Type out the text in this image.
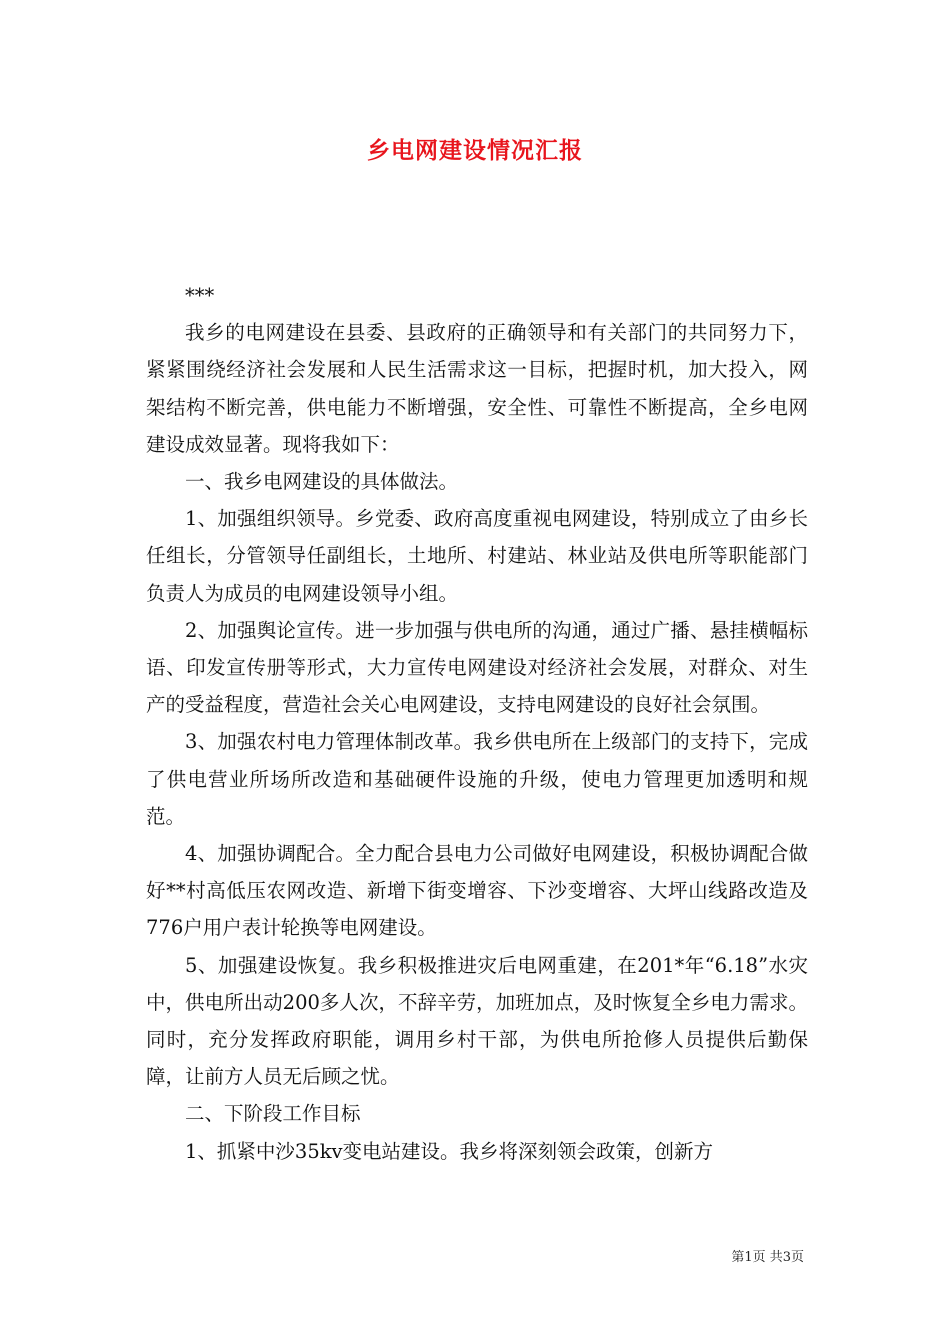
乡电网建设情况汇报

***

我乡的电网建设在县委、县政府的正确领导和有关部门的共同努力下，紧紧围绕经济社会发展和人民生活需求这一目标，把握时机，加大投入，网架结构不断完善，供电能力不断增强，安全性、可靠性不断提高，全乡电网建设成效显著。现将我如下：

一、我乡电网建设的具体做法。

1、加强组织领导。乡党委、政府高度重视电网建设，特别成立了由乡长任组长，分管领导任副组长，土地所、村建站、林业站及供电所等职能部门负责人为成员的电网建设领导小组。

2、加强舆论宣传。进一步加强与供电所的沟通，通过广播、悬挂横幅标语、印发宣传册等形式，大力宣传电网建设对经济社会发展，对群众、对生产的受益程度，营造社会关心电网建设，支持电网建设的良好社会氛围。

3、加强农村电力管理体制改革。我乡供电所在上级部门的支持下，完成了供电营业所场所改造和基础硬件设施的升级，使电力管理更加透明和规范。

4、加强协调配合。全力配合县电力公司做好电网建设，积极协调配合做好**村高低压农网改造、新增下街变增容、下沙变增容、大坪山线路改造及776户用户表计轮换等电网建设。

5、加强建设恢复。我乡积极推进灾后电网重建，在201*年“6.18”水灾中，供电所出动200多人次，不辞辛劳，加班加点，及时恢复全乡电力需求。同时，充分发挥政府职能，调用乡村干部，为供电所抢修人员提供后勤保障，让前方人员无后顾之忧。

二、下阶段工作目标

1、抓紧中沙35kv变电站建设。我乡将深刻领会政策，创新方

第1页 共3页
